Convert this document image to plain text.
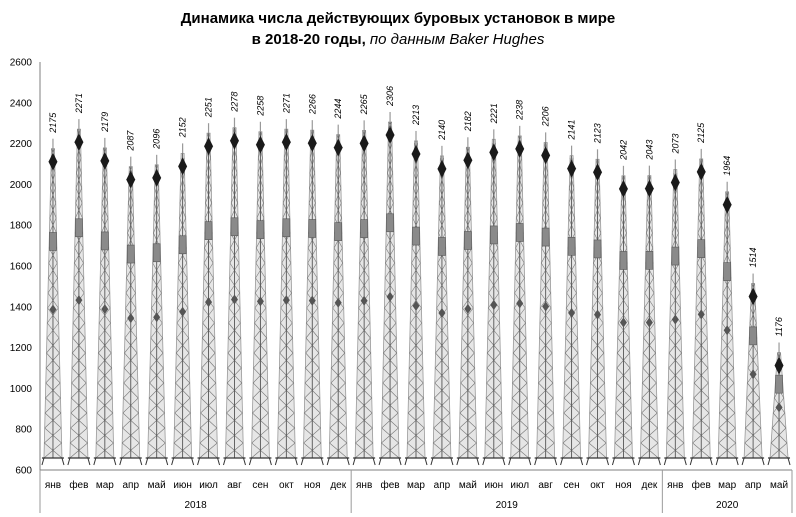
Динамика числа действующих буровых установок в мире
в 2018-20 годы, по данным Baker Hughes
600
800
1000
1200
1400
1600
1800
2000
2200
2400
2600
2175
янв
2271
фев
2179
мар
2087
апр
2096
май
2152
июн
2251
июл
2278
авг
2258
сен
2271
окт
2266
ноя
2244
дек
2265
янв
2306
фев
2213
мар
2140
апр
2182
май
2221
июн
2238
июл
2206
авг
2141
сен
2123
окт
2042
ноя
2043
дек
2073
янв
2125
фев
1964
мар
1514
апр
1176
май
2018	2019	2020
